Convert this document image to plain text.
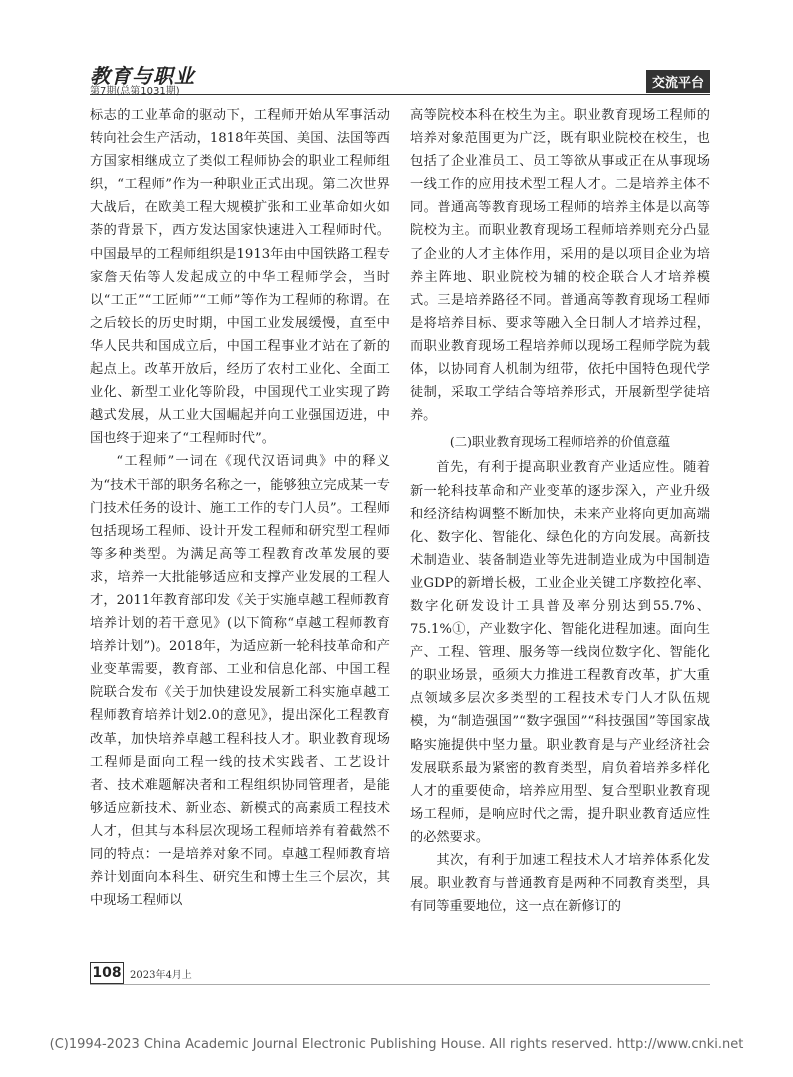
教育与职业
第7期(总第1031期)
交流平台

标志的工业革命的驱动下，工程师开始从军事活动转向社会生产活动，1818年英国、美国、法国等西方国家相继成立了类似工程师协会的职业工程师组织，“工程师”作为一种职业正式出现。第二次世界大战后，在欧美工程大规模扩张和工业革命如火如荼的背景下，西方发达国家快速进入工程师时代。中国最早的工程师组织是1913年由中国铁路工程专家詹天佑等人发起成立的中华工程师学会，当时以“工正”“工匠师”“工师”等作为工程师的称谓。在之后较长的历史时期，中国工业发展缓慢，直至中华人民共和国成立后，中国工程事业才站在了新的起点上。改革开放后，经历了农村工业化、全面工业化、新型工业化等阶段，中国现代工业实现了跨越式发展，从工业大国崛起并向工业强国迈进，中国也终于迎来了“工程师时代”。

“工程师”一词在《现代汉语词典》中的释义为“技术干部的职务名称之一，能够独立完成某一专门技术任务的设计、施工工作的专门人员”。工程师包括现场工程师、设计开发工程师和研究型工程师等多种类型。为满足高等工程教育改革发展的要求，培养一大批能够适应和支撑产业发展的工程人才，2011年教育部印发《关于实施卓越工程师教育培养计划的若干意见》(以下简称“卓越工程师教育培养计划”)。2018年，为适应新一轮科技革命和产业变革需要，教育部、工业和信息化部、中国工程院联合发布《关于加快建设发展新工科实施卓越工程师教育培养计划2.0的意见》，提出深化工程教育改革，加快培养卓越工程科技人才。职业教育现场工程师是面向工程一线的技术实践者、工艺设计者、技术难题解决者和工程组织协同管理者，是能够适应新技术、新业态、新模式的高素质工程技术人才，但其与本科层次现场工程师培养有着截然不同的特点：一是培养对象不同。卓越工程师教育培养计划面向本科生、研究生和博士生三个层次，其中现场工程师以

高等院校本科在校生为主。职业教育现场工程师的培养对象范围更为广泛，既有职业院校在校生，也包括了企业准员工、员工等欲从事或正在从事现场一线工作的应用技术型工程人才。二是培养主体不同。普通高等教育现场工程师的培养主体是以高等院校为主。而职业教育现场工程师培养则充分凸显了企业的人才主体作用，采用的是以项目企业为培养主阵地、职业院校为辅的校企联合人才培养模式。三是培养路径不同。普通高等教育现场工程师是将培养目标、要求等融入全日制人才培养过程，而职业教育现场工程培养师以现场工程师学院为载体，以协同育人机制为纽带，依托中国特色现代学徒制，采取工学结合等培养形式，开展新型学徒培养。

(二)职业教育现场工程师培养的价值意蕴

首先，有利于提高职业教育产业适应性。随着新一轮科技革命和产业变革的逐步深入，产业升级和经济结构调整不断加快，未来产业将向更加高端化、数字化、智能化、绿色化的方向发展。高新技术制造业、装备制造业等先进制造业成为中国制造业GDP的新增长极，工业企业关键工序数控化率、数字化研发设计工具普及率分别达到55.7%、75.1%①，产业数字化、智能化进程加速。面向生产、工程、管理、服务等一线岗位数字化、智能化的职业场景，亟须大力推进工程教育改革，扩大重点领域多层次多类型的工程技术专门人才队伍规模，为“制造强国”“数字强国”“科技强国”等国家战略实施提供中坚力量。职业教育是与产业经济社会发展联系最为紧密的教育类型，肩负着培养多样化人才的重要使命，培养应用型、复合型职业教育现场工程师，是响应时代之需，提升职业教育适应性的必然要求。

其次，有利于加速工程技术人才培养体系化发展。职业教育与普通教育是两种不同教育类型，具有同等重要地位，这一点在新修订的

108 2023年4月上
(C)1994-2023 China Academic Journal Electronic Publishing House. All rights reserved. http://www.cnki.net
